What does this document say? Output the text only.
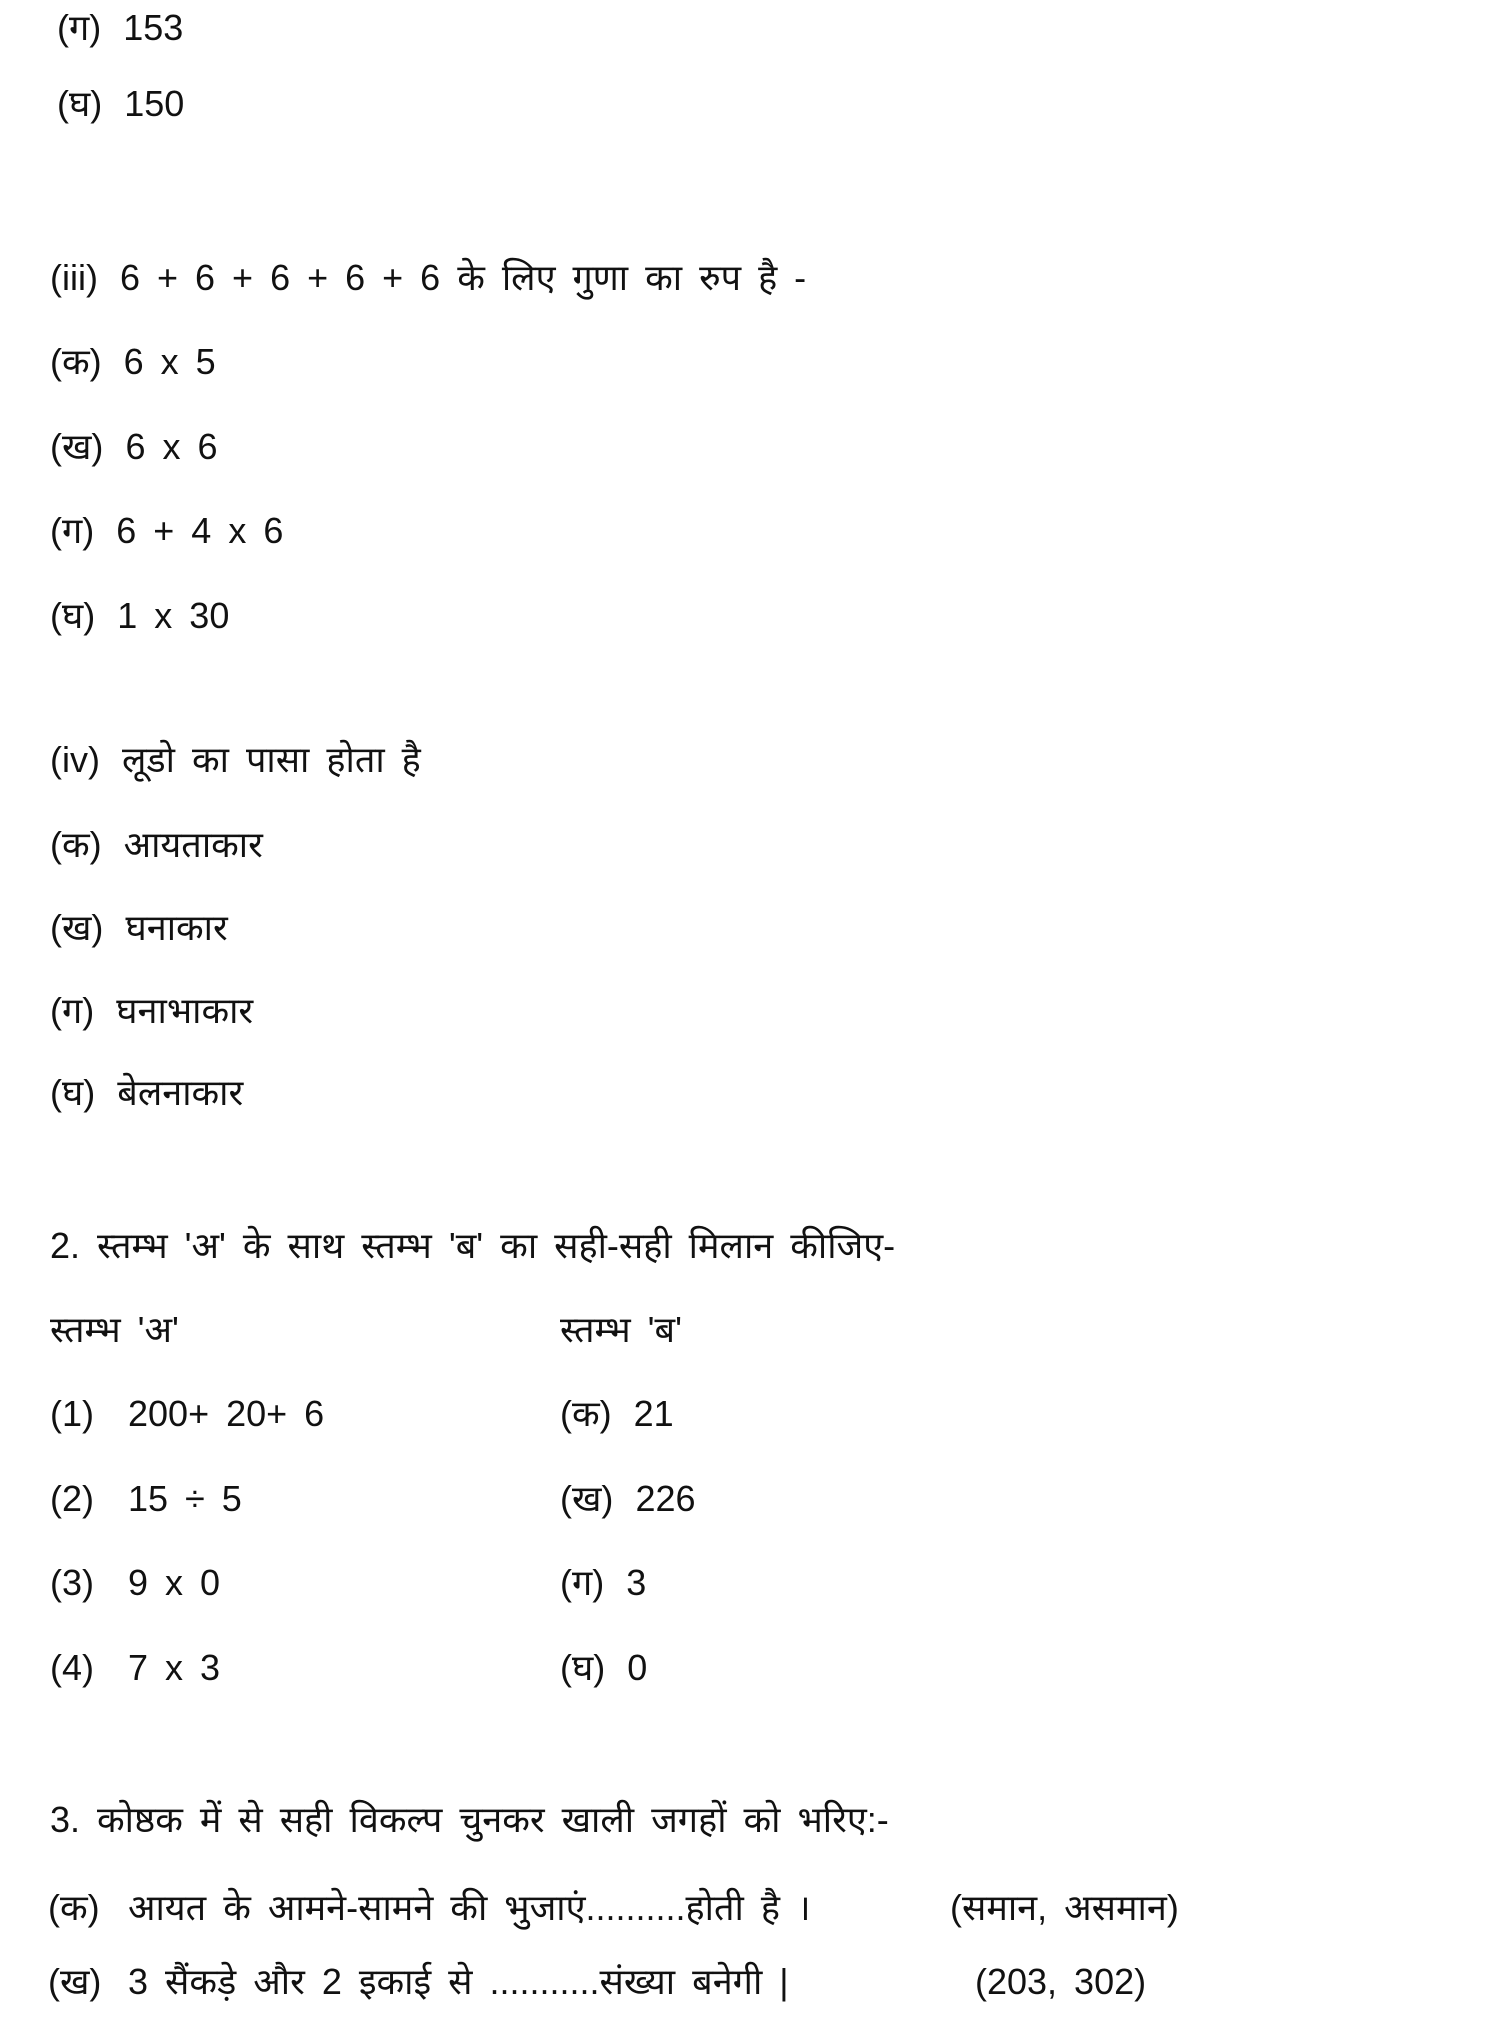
(ग) 153
(घ) 150
(iii) 6 + 6 + 6 + 6 + 6 के लिए गुणा का रुप है -
(क) 6 x 5
(ख) 6 x 6
(ग) 6 + 4 x 6
(घ) 1 x 30
(iv) लूडो का पासा होता है
(क) आयताकार
(ख) घनाकार
(ग) घनाभाकार
(घ) बेलनाकार
2. स्तम्भ 'अ' के साथ स्तम्भ 'ब' का सही-सही मिलान कीजिए-
स्तम्भ 'अ'	स्तम्भ 'ब'
(1) 200+ 20+ 6	(क) 21
(2) 15 ÷ 5	(ख) 226
(3) 9 x 0	(ग) 3
(4) 7 x 3	(घ) 0
3. कोष्ठक में से सही विकल्प चुनकर खाली जगहों को भरिए:-
(क) आयत के आमने-सामने की भुजाएं..........होती है ।	(समान, असमान)
(ख) 3 सैंकड़े और 2 इकाई से ...........संख्या बनेगी |	(203, 302)
